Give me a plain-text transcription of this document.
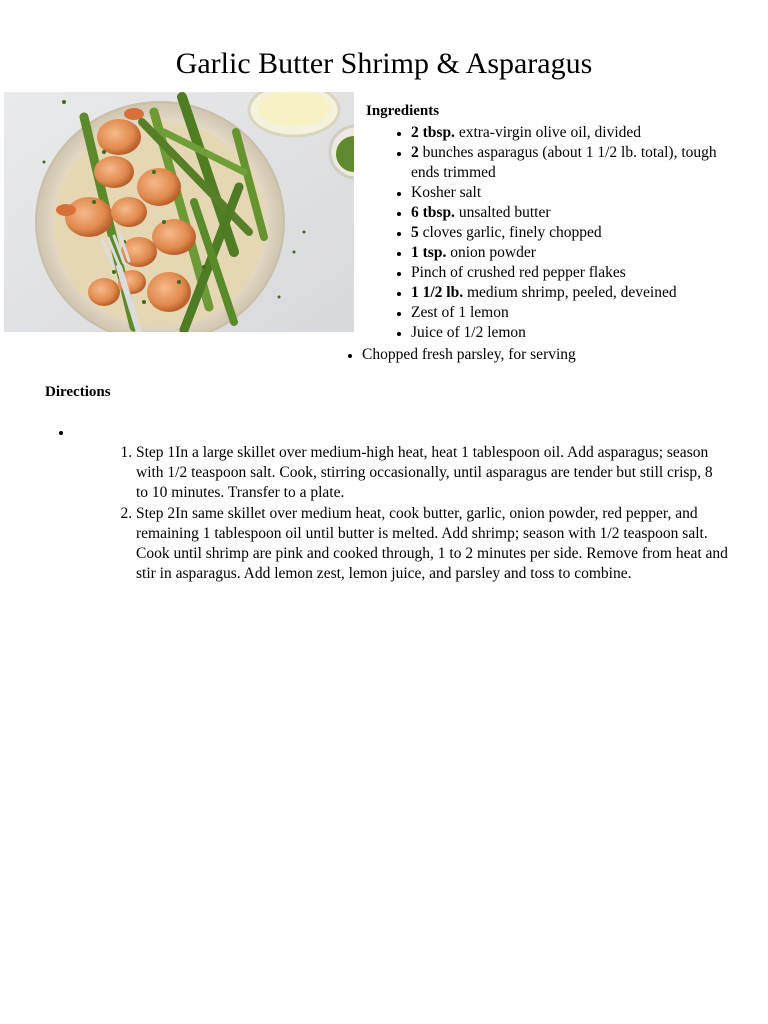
Garlic Butter Shrimp & Asparagus
Ingredients
• 2 tbsp. extra-virgin olive oil, divided
• 2 bunches asparagus (about 1 1/2 lb. total), tough ends trimmed
• Kosher salt
• 6 tbsp. unsalted butter
• 5 cloves garlic, finely chopped
• 1 tsp. onion powder
• Pinch of crushed red pepper flakes
• 1 1/2 lb. medium shrimp, peeled, deveined
• Zest of 1 lemon
• Juice of 1/2 lemon
• Chopped fresh parsley, for serving
Directions
1. Step 1In a large skillet over medium-high heat, heat 1 tablespoon oil. Add asparagus; season with 1/2 teaspoon salt. Cook, stirring occasionally, until asparagus are tender but still crisp, 8 to 10 minutes. Transfer to a plate.
2. Step 2In same skillet over medium heat, cook butter, garlic, onion powder, red pepper, and remaining 1 tablespoon oil until butter is melted. Add shrimp; season with 1/2 teaspoon salt. Cook until shrimp are pink and cooked through, 1 to 2 minutes per side. Remove from heat and stir in asparagus. Add lemon zest, lemon juice, and parsley and toss to combine.
